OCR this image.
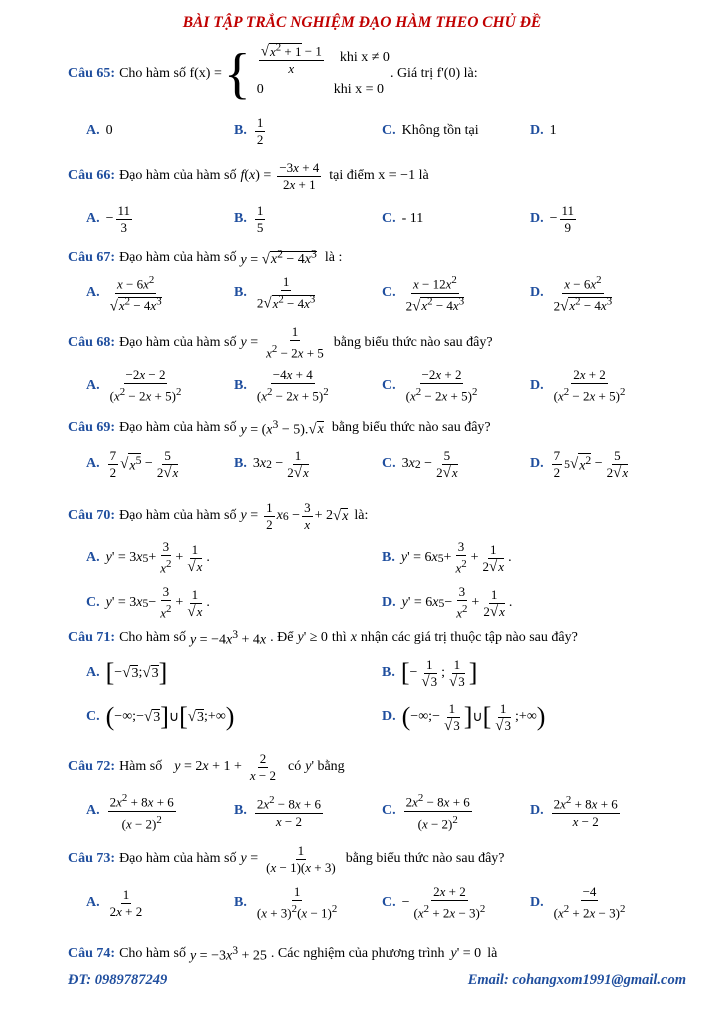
BÀI TẬP TRẮC NGHIỆM ĐẠO HÀM THEO CHỦ ĐỀ
Câu 65: Cho hàm số f(x) = { $√x^2 + 1 - 1$
x
khi x ≠ 0
0	khi x = 0
. Giá trị f'(0) là:
A. 0	B.
1
2
C. Không tồn tại	D. 1
Câu 66: Đạo hàm của hàm số $f(x) = \frac{-3x + 4}{2x + 1}$ tại điểm x = −1 là
A. −
11
3
B.
1
5
C. - 11	D. −
11
9
Câu 67: Đạo hàm của hàm số $y = √x^2 - 4x^3$ là :
A.
$x - 6x^2$
$√x^2 - 4x^3$
B.
1
$2√x^2 - 4x^3$	C.
$x - 12x^2$
$2√x^2 - 4x^3$
D.
$x - 6x^2$
$2√x^2 - 4x^3$
Câu 68: Đạo hàm của hàm số $y = \frac{1}{x^2 - 2x + 5}$ bằng biểu thức nào sau đây?
A.
−2x − 2
$(x^2 - 2x + 5)^2$	B.
−4x + 4
$(x^2 - 2x + 5)^2$	C.
−2x + 2
$(x^2 - 2x + 5)^2$	D.
2x + 2
$(x^2 - 2x + 5)^2$
Câu 69: Đạo hàm của hàm số $y = (x^3 - 5).√x$ bằng biểu thức nào sau đây?
A.
7
2
√ $x^5$ −
5
2√x
B. 3 x 2 −
1
2√x
C. 3 x 2 −
5
2√x
D.
7
2
5 √ $x^2$ −
5
2√x
Câu 70: Đạo hàm của hàm số $y = \frac{1}{2}$ x 6 −
3
x
+ 2 √ x là:
A. y ' = 3 x 5 +
3
$x^2$ +
1
√x
.	B. y ' = 6 x 5 +
3
$x^2$ +
1
2√x
.
C. y ' = 3 x 5 −
3
$x^2$ +
1
√x
.	D. y ' = 6 x 5 −
3
$x^2$ +
1
2√x
.
Câu 71: Cho hàm số $y = -4x^3 + 4x$ . Để y' ≥ 0 thì x nhận các giá trị thuộc tập nào sau đây?
A. [ − √ 3 ; √ 3 ]	B. [ −
1
√3
;
1
√3 ]
C. ( −∞;− √ 3 ] ∪ [ √ 3 ;+∞ )	D. ( −∞;−
1
√3 ] ∪ [ 1
√3
;+∞ )
Câu 72: Hàm số $y = 2x + 1 + \frac{2}{x - 2}$ có y' bằng
A.
$2x^2 + 8x + 6$
$(x - 2)^2$
B. $2x^2 - 8x + 6$
x − 2
C.
$2x^2 - 8x + 6$
$(x - 2)^2$
D. $2x^2 + 8x + 6$
x − 2
Câu 73: Đạo hàm của hàm số $y = \frac{1}{(x - 1)(x + 3)}$ bằng biểu thức nào sau đây?
A.
1
2x + 2
B.
1
$(x + 3)^2(x - 1)^2$	C. −
2x + 2
$(x^2 + 2x - 3)^2$	D.
−4
$(x^2 + 2x - 3)^2$
Câu 74: Cho hàm số $y = -3x^3 + 25$ . Các nghiệm của phương trình y' = 0 là
ĐT: 0989787249	Email: cohangxom1991@gmail.com
